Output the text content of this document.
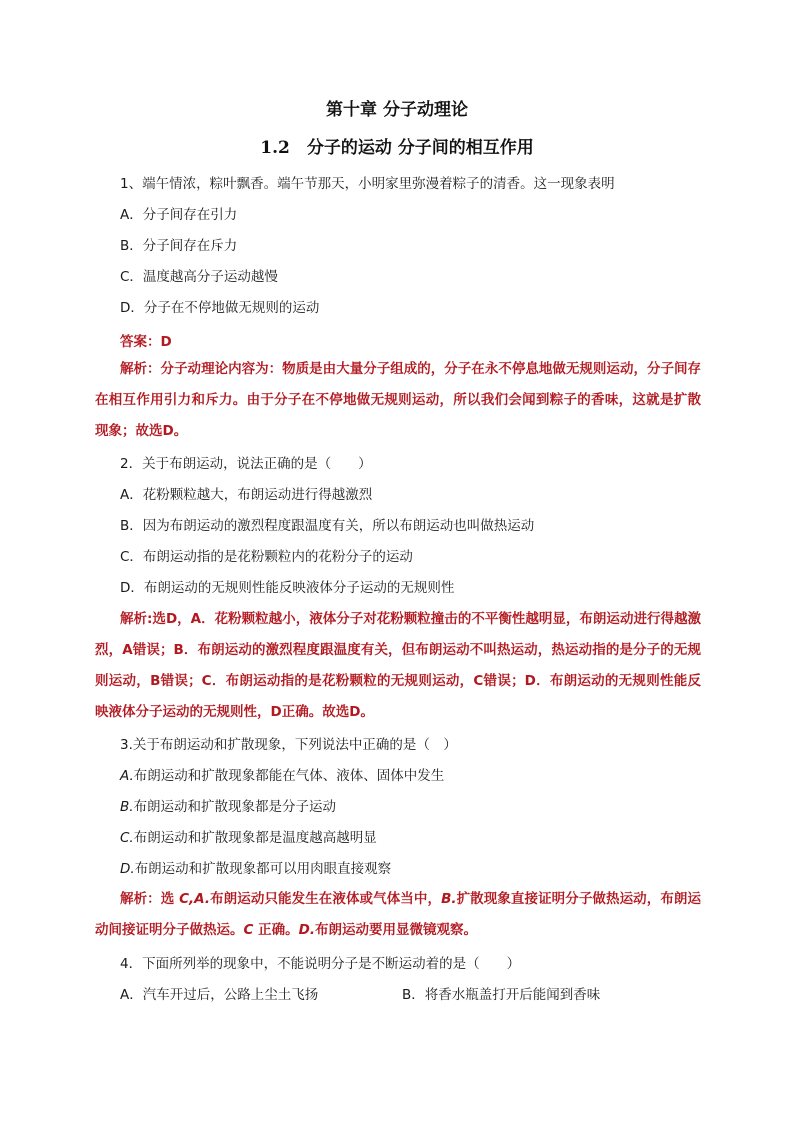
第十章 分子动理论
1.2　分子的运动 分子间的相互作用
1、端午情浓，粽叶飘香。端午节那天，小明家里弥漫着粽子的清香。这一现象表明
A．分子间存在引力
B．分子间存在斥力
C．温度越高分子运动越慢
D．分子在不停地做无规则的运动
答案：D
解析：分子动理论内容为：物质是由大量分子组成的，分子在永不停息地做无规则运动，分子间存在相互作用引力和斥力。由于分子在不停地做无规则运动，所以我们会闻到粽子的香味，这就是扩散现象；故选D。
2．关于布朗运动，说法正确的是（　　）
A．花粉颗粒越大，布朗运动进行得越激烈
B．因为布朗运动的激烈程度跟温度有关，所以布朗运动也叫做热运动
C．布朗运动指的是花粉颗粒内的花粉分子的运动
D．布朗运动的无规则性能反映液体分子运动的无规则性
解析:选D，A．花粉颗粒越小，液体分子对花粉颗粒撞击的不平衡性越明显，布朗运动进行得越激烈，A错误；B．布朗运动的激烈程度跟温度有关，但布朗运动不叫热运动，热运动指的是分子的无规则运动，B错误；C．布朗运动指的是花粉颗粒的无规则运动，C错误；D．布朗运动的无规则性能反映液体分子运动的无规则性，D正确。故选D。
3.关于布朗运动和扩散现象，下列说法中正确的是（　）
A.布朗运动和扩散现象都能在气体、液体、固体中发生
B.布朗运动和扩散现象都是分子运动
C.布朗运动和扩散现象都是温度越高越明显
D.布朗运动和扩散现象都可以用肉眼直接观察
解析：选 C,A.布朗运动只能发生在液体或气体当中，B.扩散现象直接证明分子做热运动，布朗运动间接证明分子做热运。C 正确。D.布朗运动要用显微镜观察。
4．下面所列举的现象中，不能说明分子是不断运动着的是（　　）
A．汽车开过后，公路上尘土飞扬	B．将香水瓶盖打开后能闻到香味
